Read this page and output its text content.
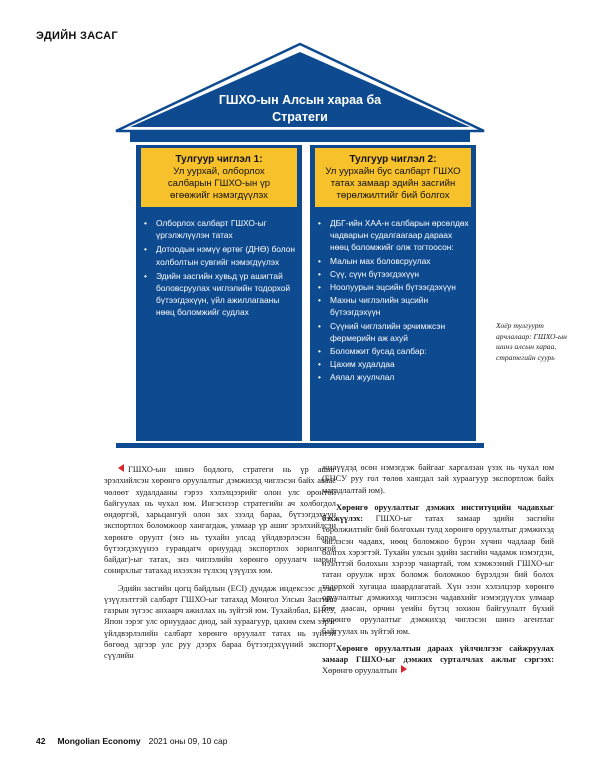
ЭДИЙН ЗАСАГ
ГШХО-ын Алсын хараа ба
Стратеги
Тулгуур чиглэл 1:
Ул уурхай, олборлох
салбарын ГШХО-ын үр
өгөөжийг нэмэгдүүлэх
• Олборлох салбарт ГШХО-ыг үргэлжлүүлэн татах
• Дотоодын нэмүү өртөг (ДНӨ) болон холболтын сувгийг нэмэгдүүлэх
• Эдийн засгийн хувьд үр ашигтай боловсруулах чиглэлийн тодорхой бүтээгдэхүүн, үйл ажиллагааны нөөц боломжийг судлах
Тулгуур чиглэл 2:
Ул уурхайн бус салбарт ГШХО
татах замаар эдийн засгийн
төрөлжилтийг бий болгох
• ДБГ-ийн ХАА-н салбарын өрсөлдөх чадварын судалгаагаар дараах нөөц боломжийг олж тогтоосон:
• Малын мах боловсруулах
• Сүү, сүүн бүтээгдэхүүн
• Ноолуурын эцсийн бүтээгдэхүүн
• Махны чиглэлийн эцсийн бүтээгдэхүүн
• Сүүний чиглэлийн эрчимжсэн фермерийн аж ахуй
• Боломжит бусад салбар:
• Цахим худалдаа
• Аялал жуулчлал
Хоёр тулгуурт арчлалаар: ГШХО-ын шинэ алсын хараа, стратегийн суурь

ГШХО-ын шинэ бодлого, стратеги нь үр ашиг эрэлхийлсэн хөрөнгө оруулалтыг дэмжихэд чиглэсэн байх аваас чөлөөт худалдааны гэрээ хэлэлцээрийг олон улс оронтой байгуулах нь чухал юм. Ингэснээр стратегийн ач холбогдол өндөртэй, харьцангуй олон зах зээлд бараа, бүтээгдэхүүн экспортлох боломжоор хангагдаж, улмаар үр ашиг эрэлхийлсэн хөрөнгө оруулт (энэ нь тухайн улсад үйлдвэрлэсэн бараа бүтээгдэхүүнээ гуравдагч орнуудад экспортлох зорилготой байдаг)-ыг татах, энэ чиглэлийн хөрөнгө оруулагч нарын сонирхлыг татахад ихээхэн түлхэц үзүүлэх юм.

Эдийн засгийн цогц байдлын (ECI) дундаж индексээс дээш үзүүлэлттэй салбарт ГШХО-ыг татахад Монгол Улсын Засгийн газрын зүгээс анхаарч ажиллах нь зүйтэй юм. Тухайлбал, БНСУ, Япон зэрэг улс орнуудаас диод, зай хураагуур, цахим схем зэрэг үйлдвэрлэлийн салбарт хөрөнгө оруулалт татах нь зүйтэй бөгөөд эдгээр улс руу дээрх бараа бүтээгдэхүүний экспорт сүүлийн

жилүүдэд өсөн нэмэгдэж байгааг харгалзан үзэх нь чухал юм (БНСУ руу гол төлөв хаягдал зай хураагуур экспортлож байх магадлалтай юм).

Хөрөнгө оруулалтыг дэмжих институцийн чадавхыг бэхжүүлэх: ГШХО-ыг татах замаар эдийн засгийн төрөлжилтийг бий болгохын тулд хөрөнгө оруулалтыг дэмжихэд чиглэсэн чадавх, нөөц боломжоо бүрэн хүчин чадлаар бий болгох хэрэгтэй. Тухайн улсын эдийн засгийн чадамж нэмэгдэн, нээлттэй болохын хэрээр чанартай, том хэмжээний ГШХО-ыг татан оруулж ирэх боломж боломжоо бүрэлдэн бий болох тодорхой хугацаа шаардлагатай. Хүн эзэн хэлэлцээр хөрөнгө оруулалтыг дэмжихэд чиглэсэн чадавхийг нэмэгдүүлэх улмаар бие даасан, орчин үеийн бүтэц зохион байгуулалт бүхий хөрөнгө оруулалтыг дэмжихэд чиглэсэн шинэ агентлаг байгуулах нь зүйтэй юм.

Хөрөнгө оруулалтын дараах үйлчилгээг сайжруулах замаар ГШХО-ыг дэмжих сурталчлах ажлыг сэргээх: Хөрөнгө оруулалтын

42 Mongolian Economy 2021 оны 09, 10 сар
